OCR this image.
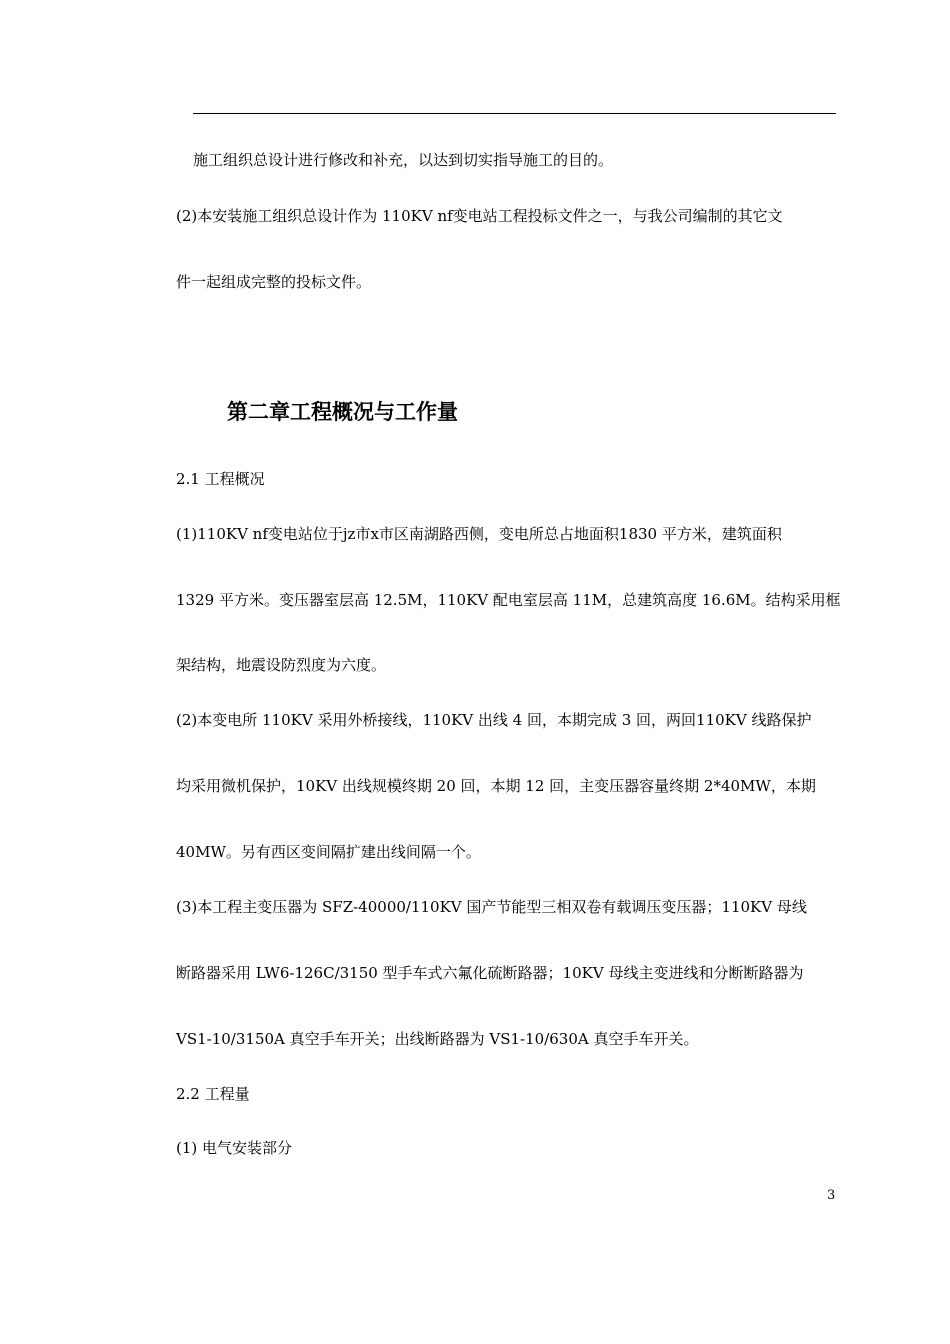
施工组织总设计进行修改和补充，以达到切实指导施工的目的。
(2)本安装施工组织总设计作为 110KV nf变电站工程投标文件之一，与我公司编制的其它文
件一起组成完整的投标文件。
第二章工程概况与工作量
2.1 工程概况
(1)110KV nf变电站位于jz市x市区南湖路西侧，变电所总占地面积1830 平方米，建筑面积
1329 平方米。变压器室层高 12.5M，110KV 配电室层高 11M，总建筑高度 16.6M。结构采用框
架结构，地震设防烈度为六度。
(2)本变电所 110KV 采用外桥接线，110KV 出线 4 回，本期完成 3 回，两回110KV 线路保护
均采用微机保护，10KV 出线规模终期 20 回，本期 12 回，主变压器容量终期 2*40MW，本期
40MW。另有西区变间隔扩建出线间隔一个。
(3)本工程主变压器为 SFZ-40000/110KV 国产节能型三相双卷有载调压变压器；110KV 母线
断路器采用 LW6-126C/3150 型手车式六氟化硫断路器；10KV 母线主变进线和分断断路器为
VS1-10/3150A 真空手车开关；出线断路器为 VS1-10/630A 真空手车开关。
2.2 工程量
(1) 电气安装部分
3
